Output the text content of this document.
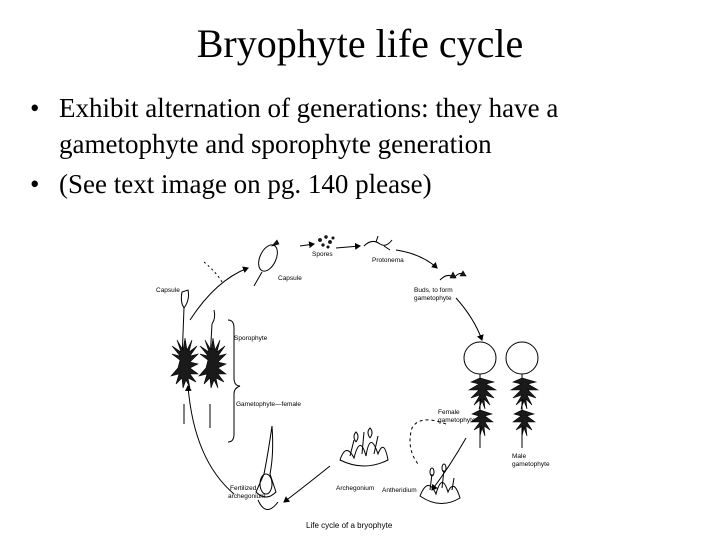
Bryophyte life cycle
• Exhibit alternation of generations: they have a gametophyte and sporophyte generation
• (See text image on pg. 140 please)
Spores
Protonema
Buds, to form
gametophyte
Capsule
Capsule
Sporophyte
Gametophyte—female
Female
gametophyte
Male
gametophyte
Archegonium Antheridium
Fertilized
archegonium
Life cycle of a bryophyte
